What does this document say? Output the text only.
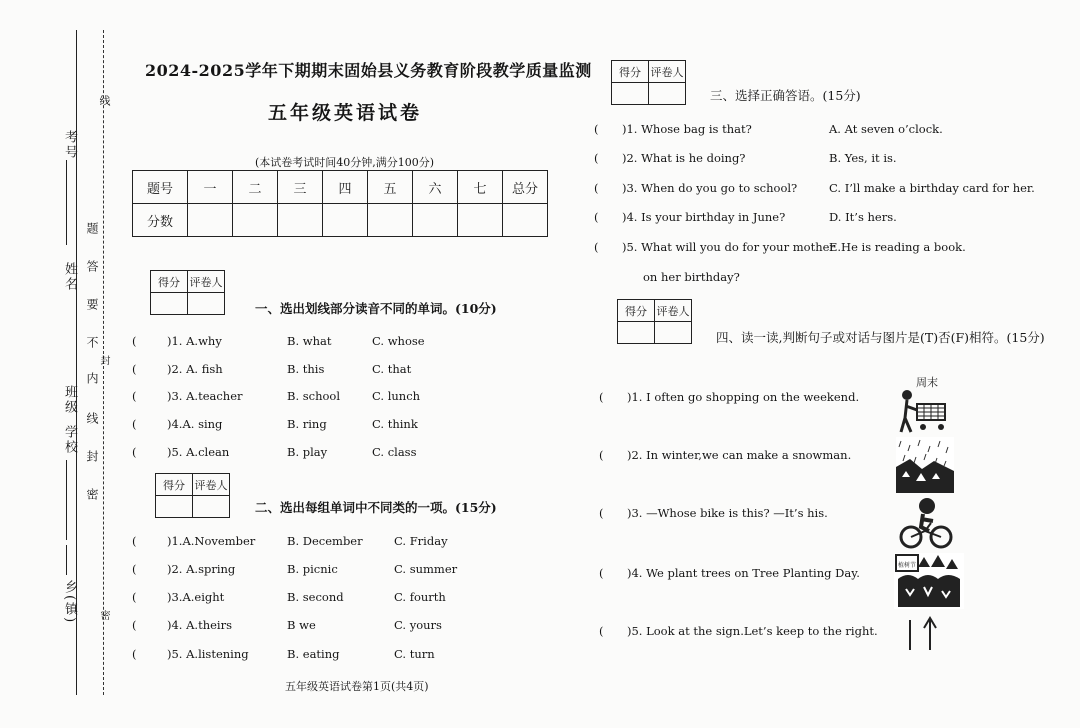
考号
线
题
姓名 答
要
不
封
内
班级
线
学校
封
密
乡(镇) 密
2024-2025学年下期期末固始县义务教育阶段教学质量监测
五年级英语试卷
(本试卷考试时间40分钟,满分100分)
题号	一	二	三	四	五	六	七	总分
分数								
得分	评卷人

一、选出划线部分读音不同的单词。(10分)
(	)1. A.why	B. what	C. whose
(	)2. A. fish	B. this	C. that
(	)3. A.teacher	B. school	C. lunch
(	)4.A. sing	B. ring	C. think
(	)5. A.clean	B. play	C. class
得分	评卷人

二、选出每组单词中不同类的一项。(15分)
(	)1.A.November	B. December	C. Friday
(	)2. A.spring	B. picnic	C. summer
(	)3.A.eight	B. second	C. fourth
(	)4. A.theirs	B we	C. yours
(	)5. A.listening	B. eating	C. turn
五年级英语试卷第1页(共4页)
得分	评卷人

三、选择正确答语。(15分)
( )1. Whose bag is that?	A. At seven o’clock.
( )2. What is he doing?	B. Yes, it is.
( )3. When do you go to school?	C. I’ll make a birthday card for her.
( )4. Is your birthday in June?	D. It’s hers.
( )5. What will you do for your mother
E.He is reading a book.
on her birthday?
得分	评卷人

四、读一读,判断句子或对话与图片是(T)否(F)相符。(15分)
( )1. I often go shopping on the weekend.
( )2. In winter,we can make a snowman.
( )3. —Whose bike is this? —It’s his.
( )4. We plant trees on Tree Planting Day.
( )5. Look at the sign.Let’s keep to the right.
周末
植树节
